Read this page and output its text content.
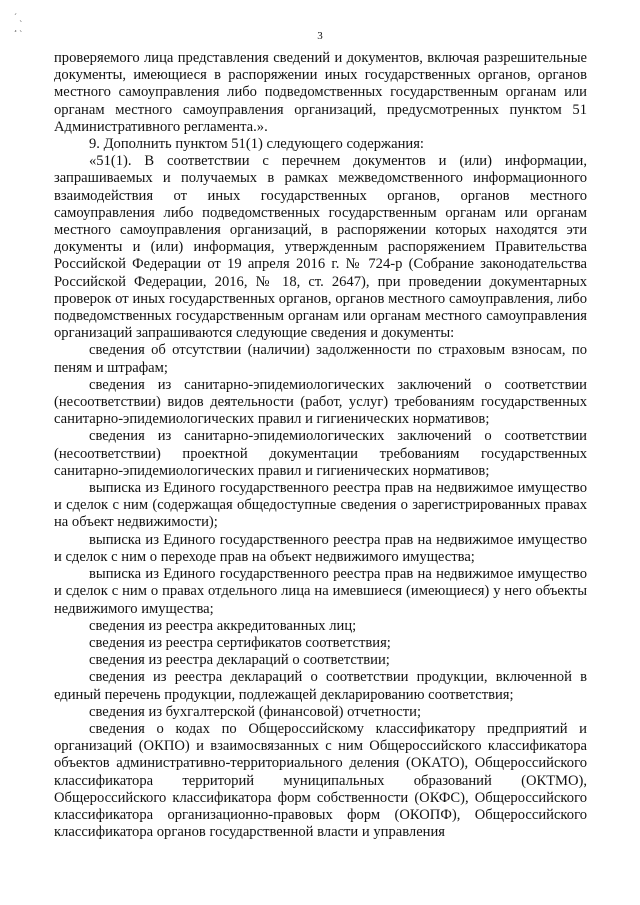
´ ˎ
¸ ˏ
3

проверяемого лица представления сведений и документов, включая разрешительные документы, имеющиеся в распоряжении иных государственных органов, органов местного самоуправления либо подведомственных государственным органам или органам местного самоуправления организаций, предусмотренных пунктом 51 Административного регламента.».

9. Дополнить пунктом 51(1) следующего содержания:

«51(1). В соответствии с перечнем документов и (или) информации, запрашиваемых и получаемых в рамках межведомственного информационного взаимодействия от иных государственных органов, органов местного самоуправления либо подведомственных государственным органам или органам местного самоуправления организаций, в распоряжении которых находятся эти документы и (или) информация, утвержденным распоряжением Правительства Российской Федерации от 19 апреля 2016 г. № 724-р (Собрание законодательства Российской Федерации, 2016, № 18, ст. 2647), при проведении документарных проверок от иных государственных органов, органов местного самоуправления, либо подведомственных государственным органам или органам местного самоуправления организаций запрашиваются следующие сведения и документы:

сведения об отсутствии (наличии) задолженности по страховым взносам, по пеням и штрафам;

сведения из санитарно-эпидемиологических заключений о соответствии (несоответствии) видов деятельности (работ, услуг) требованиям государственных санитарно-эпидемиологических правил и гигиенических нормативов;

сведения из санитарно-эпидемиологических заключений о соответствии (несоответствии) проектной документации требованиям государственных санитарно-эпидемиологических правил и гигиенических нормативов;

выписка из Единого государственного реестра прав на недвижимое имущество и сделок с ним (содержащая общедоступные сведения о зарегистрированных правах на объект недвижимости);

выписка из Единого государственного реестра прав на недвижимое имущество и сделок с ним о переходе прав на объект недвижимого имущества;

выписка из Единого государственного реестра прав на недвижимое имущество и сделок с ним о правах отдельного лица на имевшиеся (имеющиеся) у него объекты недвижимого имущества;

сведения из реестра аккредитованных лиц;

сведения из реестра сертификатов соответствия;

сведения из реестра деклараций о соответствии;

сведения из реестра деклараций о соответствии продукции, включенной в единый перечень продукции, подлежащей декларированию соответствия;

сведения из бухгалтерской (финансовой) отчетности;

сведения о кодах по Общероссийскому классификатору предприятий и организаций (ОКПО) и взаимосвязанных с ним Общероссийского классификатора объектов административно-территориального деления (ОКАТО), Общероссийского классификатора территорий муниципальных образований (ОКТМО), Общероссийского классификатора форм собственности (ОКФС), Общероссийского классификатора организационно-правовых форм (ОКОПФ), Общероссийского классификатора органов государственной власти и управления
